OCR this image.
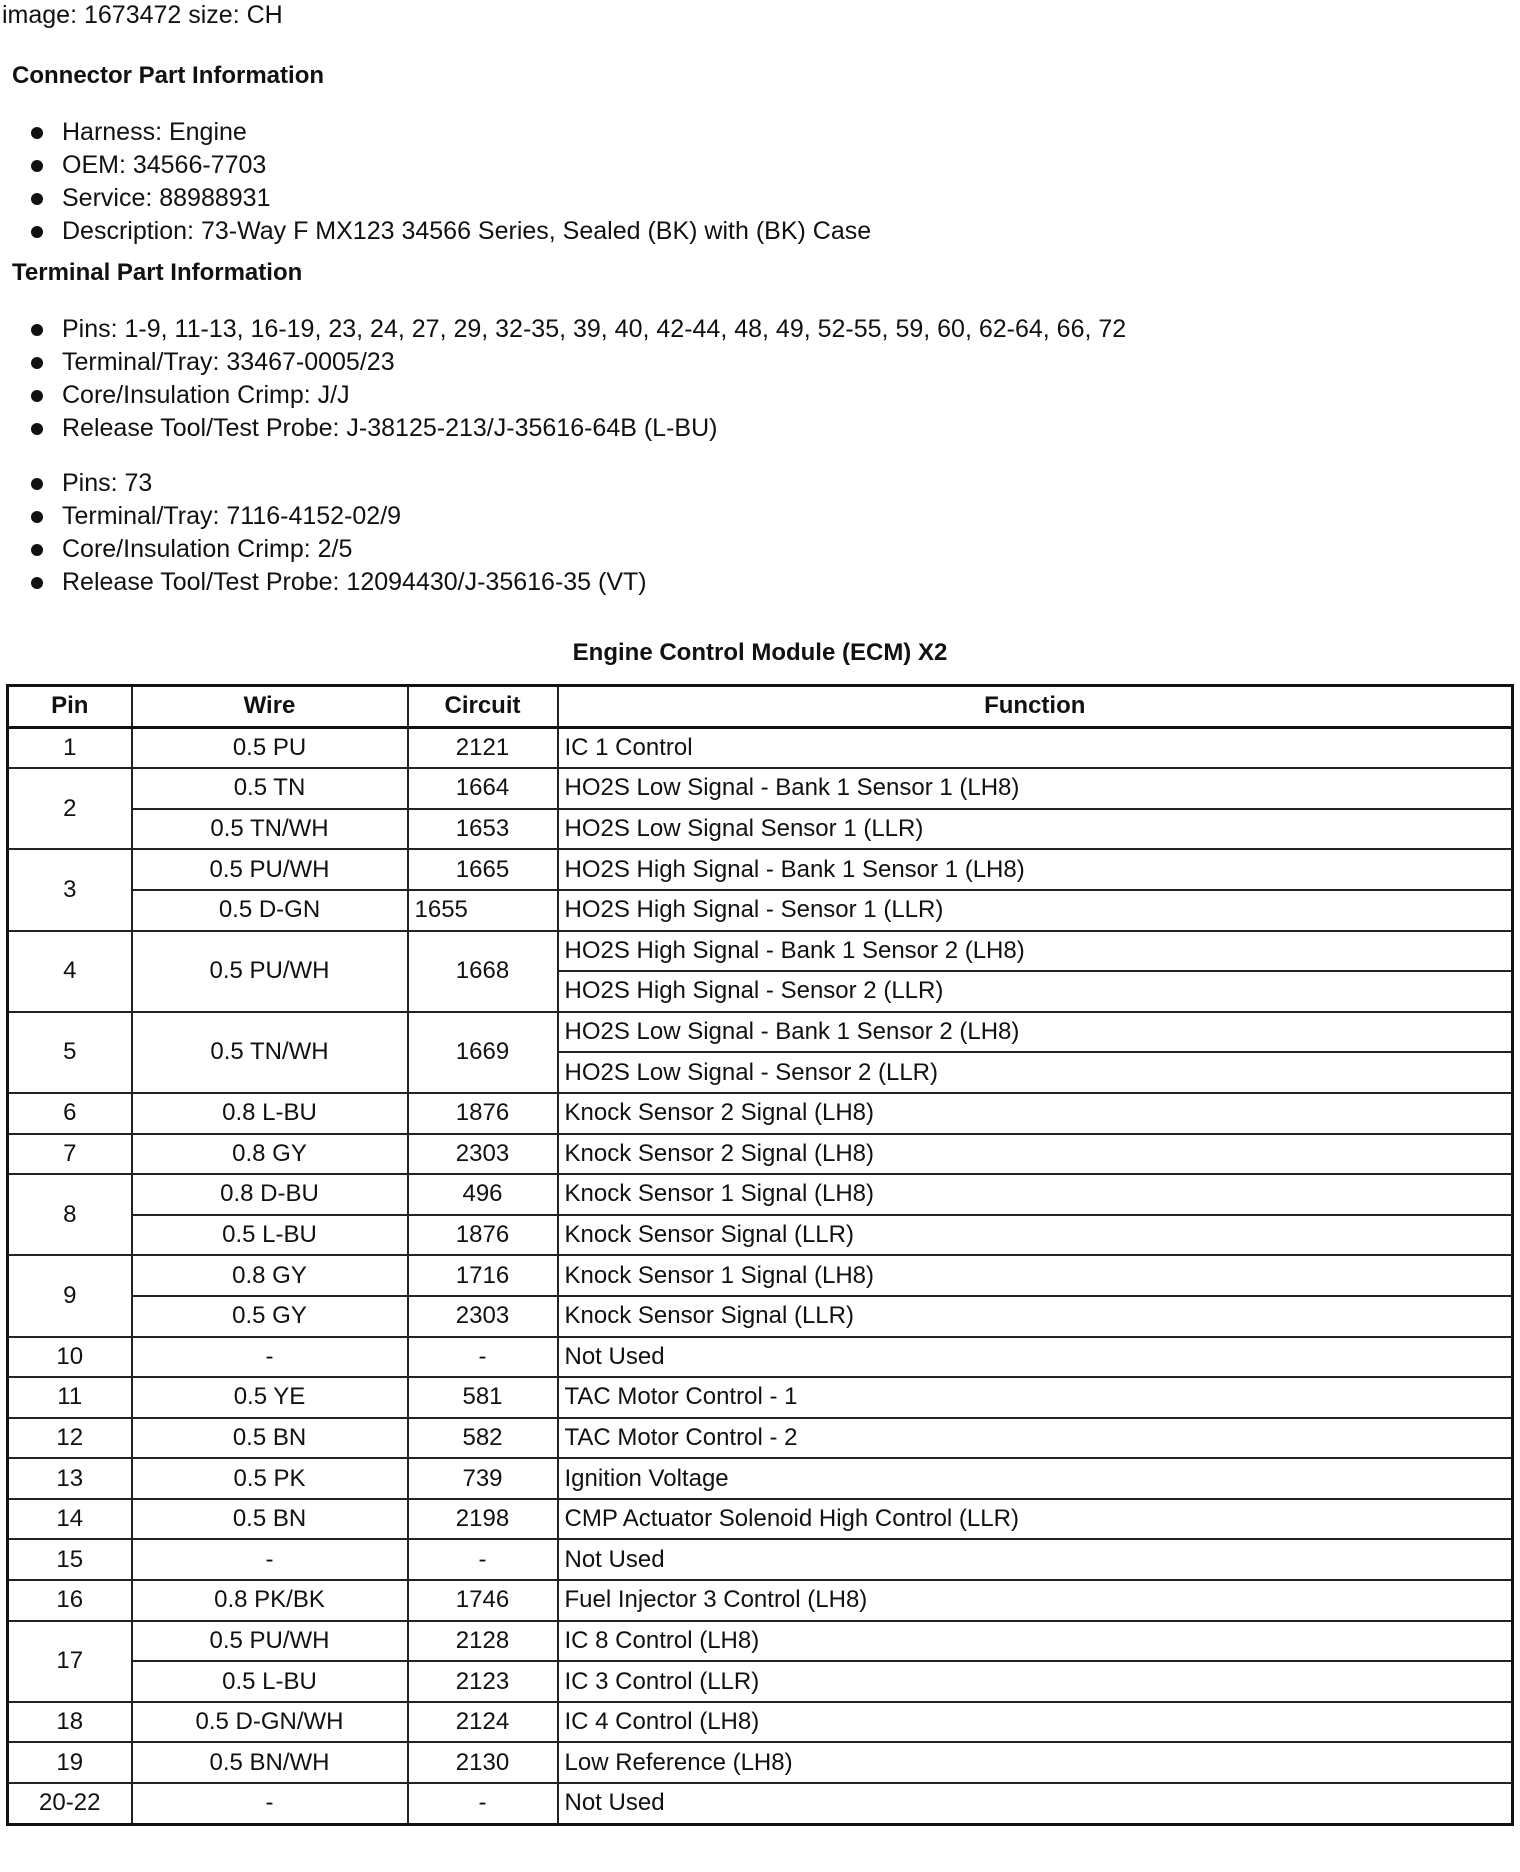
image: 1673472 size: CH
Connector Part Information
Harness: Engine
OEM: 34566-7703
Service: 88988931
Description: 73-Way F MX123 34566 Series, Sealed (BK) with (BK) Case
Terminal Part Information
Pins: 1-9, 11-13, 16-19, 23, 24, 27, 29, 32-35, 39, 40, 42-44, 48, 49, 52-55, 59, 60, 62-64, 66, 72
Terminal/Tray: 33467-0005/23
Core/Insulation Crimp: J/J
Release Tool/Test Probe: J-38125-213/J-35616-64B (L-BU)
Pins: 73
Terminal/Tray: 7116-4152-02/9
Core/Insulation Crimp: 2/5
Release Tool/Test Probe: 12094430/J-35616-35 (VT)
Engine Control Module (ECM) X2
Pin	Wire	Circuit	Function
1	0.5 PU	2121	IC 1 Control
2	0.5 TN	1664	HO2S Low Signal - Bank 1 Sensor 1 (LH8)
	0.5 TN/WH	1653	HO2S Low Signal Sensor 1 (LLR)
3	0.5 PU/WH	1665	HO2S High Signal - Bank 1 Sensor 1 (LH8)
	0.5 D-GN	1655	HO2S High Signal - Sensor 1 (LLR)
4	0.5 PU/WH	1668	HO2S High Signal - Bank 1 Sensor 2 (LH8)
			HO2S High Signal - Sensor 2 (LLR)
5	0.5 TN/WH	1669	HO2S Low Signal - Bank 1 Sensor 2 (LH8)
			HO2S Low Signal - Sensor 2 (LLR)
6	0.8 L-BU	1876	Knock Sensor 2 Signal (LH8)
7	0.8 GY	2303	Knock Sensor 2 Signal (LH8)
8	0.8 D-BU	496	Knock Sensor 1 Signal (LH8)
	0.5 L-BU	1876	Knock Sensor Signal (LLR)
9	0.8 GY	1716	Knock Sensor 1 Signal (LH8)
	0.5 GY	2303	Knock Sensor Signal (LLR)
10	-	-	Not Used
11	0.5 YE	581	TAC Motor Control - 1
12	0.5 BN	582	TAC Motor Control - 2
13	0.5 PK	739	Ignition Voltage
14	0.5 BN	2198	CMP Actuator Solenoid High Control (LLR)
15	-	-	Not Used
16	0.8 PK/BK	1746	Fuel Injector 3 Control (LH8)
17	0.5 PU/WH	2128	IC 8 Control (LH8)
	0.5 L-BU	2123	IC 3 Control (LLR)
18	0.5 D-GN/WH	2124	IC 4 Control (LH8)
19	0.5 BN/WH	2130	Low Reference (LH8)
20-22	-	-	Not Used
